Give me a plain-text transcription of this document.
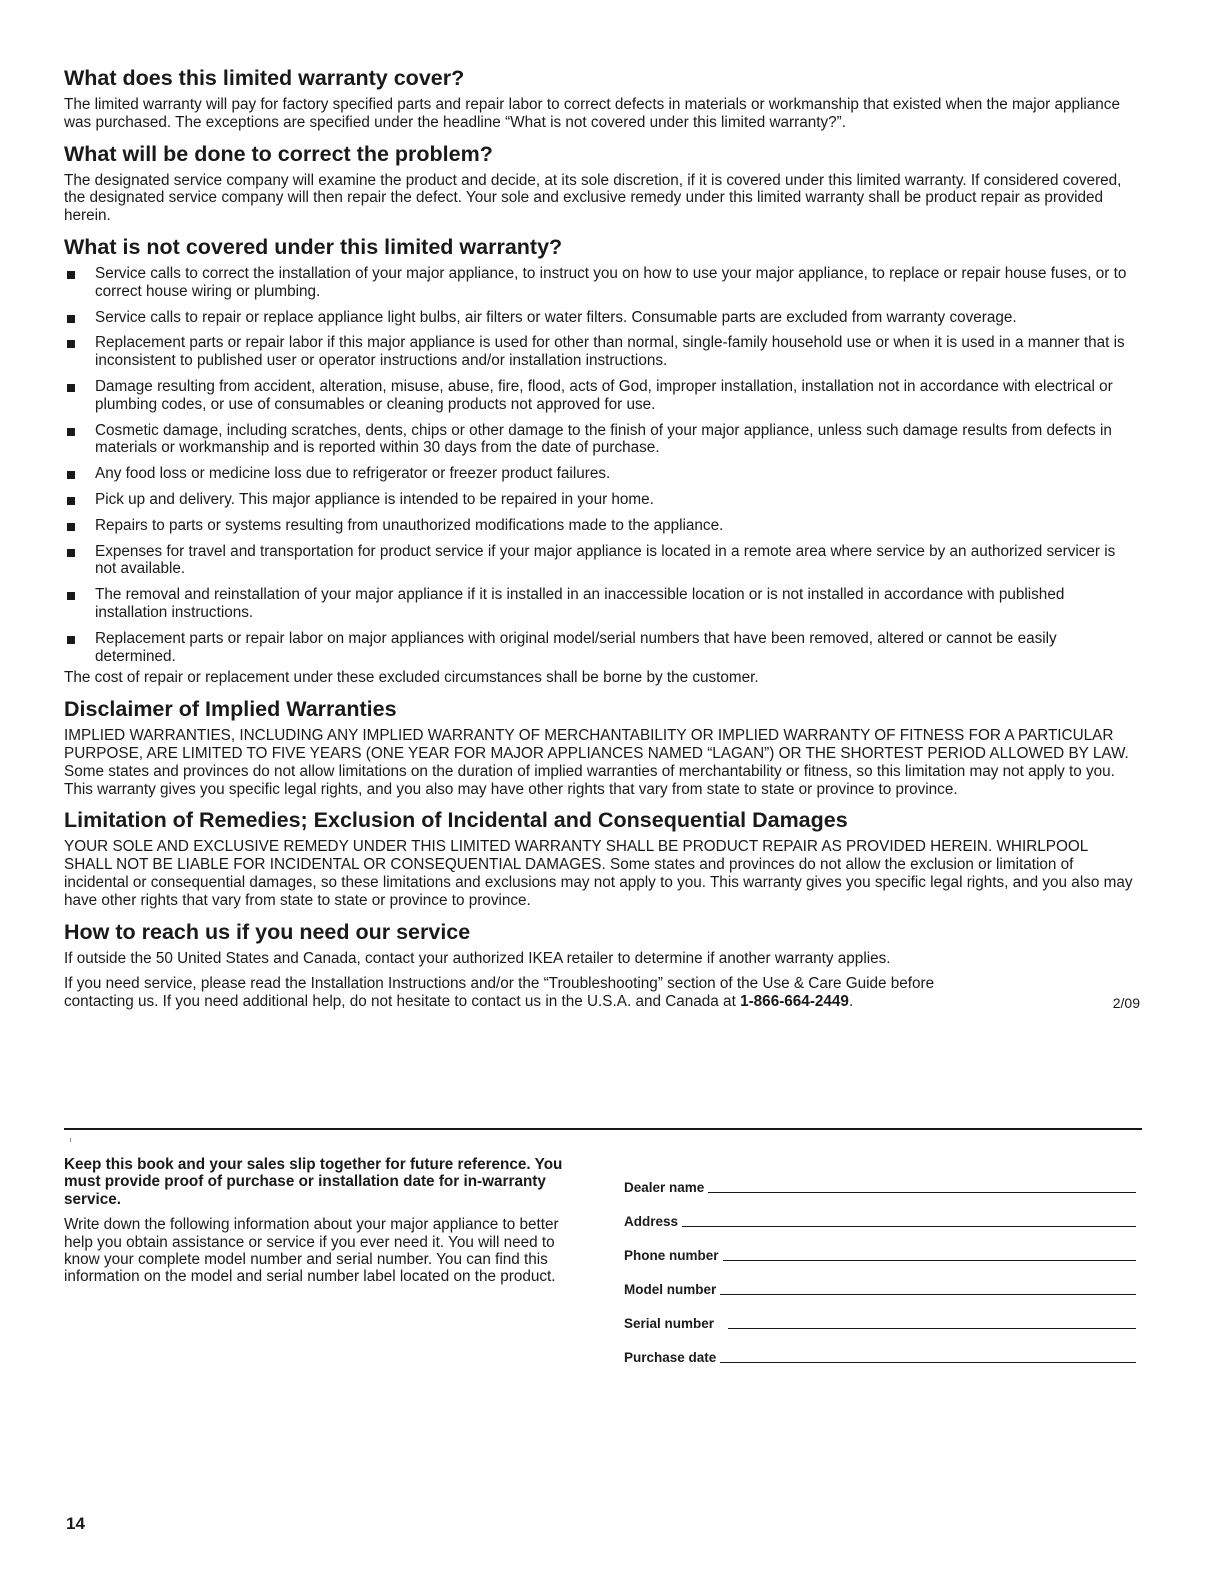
What does this limited warranty cover?

The limited warranty will pay for factory specified parts and repair labor to correct defects in materials or workmanship that existed when the major appliance was purchased. The exceptions are specified under the headline “What is not covered under this limited warranty?”.

What will be done to correct the problem?

The designated service company will examine the product and decide, at its sole discretion, if it is covered under this limited warranty. If considered covered, the designated service company will then repair the defect. Your sole and exclusive remedy under this limited warranty shall be product repair as provided herein.

What is not covered under this limited warranty?
Service calls to correct the installation of your major appliance, to instruct you on how to use your major appliance, to replace or repair house fuses, or to correct house wiring or plumbing.
Service calls to repair or replace appliance light bulbs, air filters or water filters. Consumable parts are excluded from warranty coverage.
Replacement parts or repair labor if this major appliance is used for other than normal, single-family household use or when it is used in a manner that is inconsistent to published user or operator instructions and/or installation instructions.
Damage resulting from accident, alteration, misuse, abuse, fire, flood, acts of God, improper installation, installation not in accordance with electrical or plumbing codes, or use of consumables or cleaning products not approved for use.
Cosmetic damage, including scratches, dents, chips or other damage to the finish of your major appliance, unless such damage results from defects in materials or workmanship and is reported within 30 days from the date of purchase.
Any food loss or medicine loss due to refrigerator or freezer product failures.
Pick up and delivery. This major appliance is intended to be repaired in your home.
Repairs to parts or systems resulting from unauthorized modifications made to the appliance.
Expenses for travel and transportation for product service if your major appliance is located in a remote area where service by an authorized servicer is not available.
The removal and reinstallation of your major appliance if it is installed in an inaccessible location or is not installed in accordance with published installation instructions.
Replacement parts or repair labor on major appliances with original model/serial numbers that have been removed, altered or cannot be easily determined.

The cost of repair or replacement under these excluded circumstances shall be borne by the customer.

Disclaimer of Implied Warranties

IMPLIED WARRANTIES, INCLUDING ANY IMPLIED WARRANTY OF MERCHANTABILITY OR IMPLIED WARRANTY OF FITNESS FOR A PARTICULAR PURPOSE, ARE LIMITED TO FIVE YEARS (ONE YEAR FOR MAJOR APPLIANCES NAMED “LAGAN”) OR THE SHORTEST PERIOD ALLOWED BY LAW. Some states and provinces do not allow limitations on the duration of implied warranties of merchantability or fitness, so this limitation may not apply to you. This warranty gives you specific legal rights, and you also may have other rights that vary from state to state or province to province.

Limitation of Remedies; Exclusion of Incidental and Consequential Damages

YOUR SOLE AND EXCLUSIVE REMEDY UNDER THIS LIMITED WARRANTY SHALL BE PRODUCT REPAIR AS PROVIDED HEREIN. WHIRLPOOL SHALL NOT BE LIABLE FOR INCIDENTAL OR CONSEQUENTIAL DAMAGES. Some states and provinces do not allow the exclusion or limitation of incidental or consequential damages, so these limitations and exclusions may not apply to you. This warranty gives you specific legal rights, and you also may have other rights that vary from state to state or province to province.

How to reach us if you need our service

If outside the 50 United States and Canada, contact your authorized IKEA retailer to determine if another warranty applies.

If you need service, please read the Installation Instructions and/or the “Troubleshooting” section of the Use & Care Guide before

contacting us. If you need additional help, do not hesitate to contact us in the U.S.A. and Canada at 1-866-664-2449.	2/09

Keep this book and your sales slip together for future reference. You must provide proof of purchase or installation date for in-warranty service.

Write down the following information about your major appliance to better help you obtain assistance or service if you ever need it. You will need to know your complete model number and serial number. You can find this information on the model and serial number label located on the product.

Dealer name
Address
Phone number
Model number
Serial number
Purchase date
14
